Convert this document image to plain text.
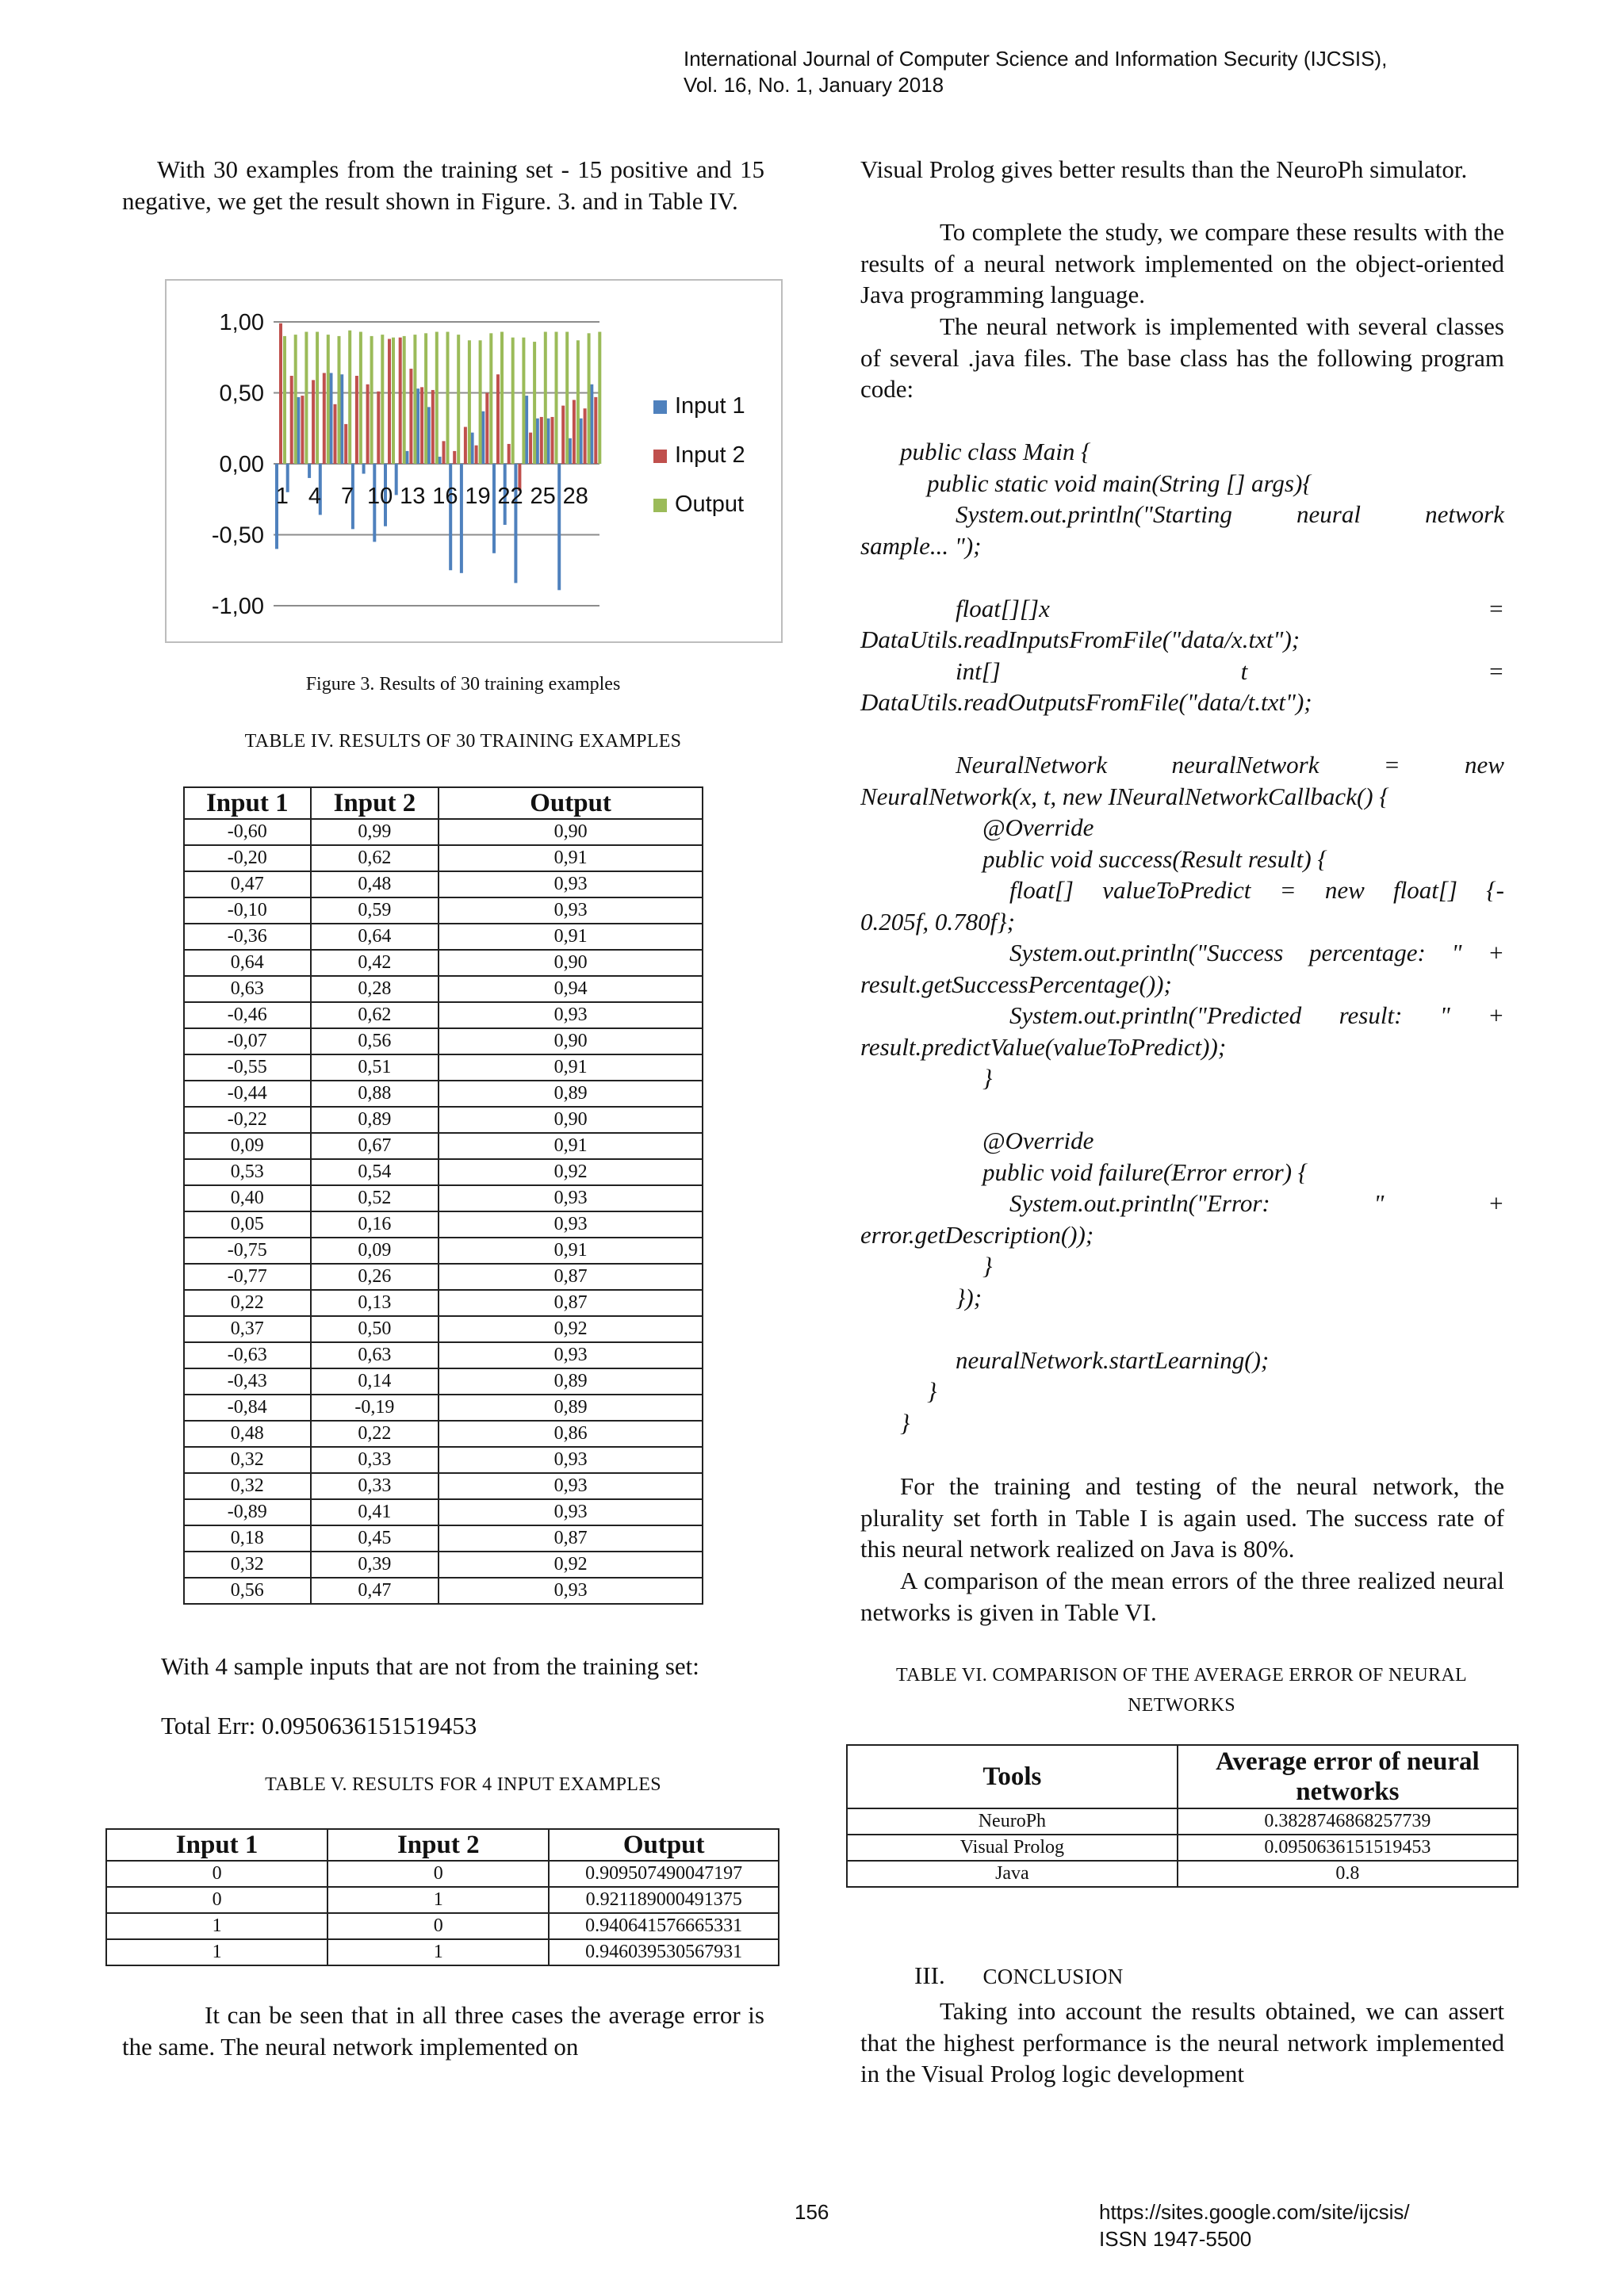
International Journal of Computer Science and Information Security (IJCSIS),
Vol. 16, No. 1, January 2018
With 30 examples from the training set - 15 positive and 15 negative, we get the result shown in Figure. 3. and in Table IV.
1,00
0,50
0,00
-0,50
-1,00
1 4 7 10 13 16 19 22 25 28
Input 1
Input 2
Output
Figure 3. Results of 30 training examples
TABLE IV. RESULTS OF 30 TRAINING EXAMPLES
Input 1	Input 2	Output
-0,60	0,99	0,90
-0,20	0,62	0,91
0,47	0,48	0,93
-0,10	0,59	0,93
-0,36	0,64	0,91
0,64	0,42	0,90
0,63	0,28	0,94
-0,46	0,62	0,93
-0,07	0,56	0,90
-0,55	0,51	0,91
-0,44	0,88	0,89
-0,22	0,89	0,90
0,09	0,67	0,91
0,53	0,54	0,92
0,40	0,52	0,93
0,05	0,16	0,93
-0,75	0,09	0,91
-0,77	0,26	0,87
0,22	0,13	0,87
0,37	0,50	0,92
-0,63	0,63	0,93
-0,43	0,14	0,89
-0,84	-0,19	0,89
0,48	0,22	0,86
0,32	0,33	0,93
0,32	0,33	0,93
-0,89	0,41	0,93
0,18	0,45	0,87
0,32	0,39	0,92
0,56	0,47	0,93
With 4 sample inputs that are not from the training set:
Total Err: 0.0950636151519453
TABLE V. RESULTS FOR 4 INPUT EXAMPLES
Input 1	Input 2	Output
0	0	0.909507490047197
0	1	0.921189000491375
1	0	0.940641576665331
1	1	0.946039530567931
It can be seen that in all three cases the average error is the same. The neural network implemented on
Visual Prolog gives better results than the NeuroPh simulator.
To complete the study, we compare these results with the results of a neural network implemented on the object-oriented Java programming language.
The neural network is implemented with several classes of several .java files. The base class has the following program code:

public class Main {

public static void main(String [] args){

System.out.println("Starting neural network

sample... ");

float[][]x =

DataUtils.readInputsFromFile("data/x.txt");

int[] t =

DataUtils.readOutputsFromFile("data/t.txt");

NeuralNetwork neuralNetwork = new

NeuralNetwork(x, t, new INeuralNetworkCallback() {

@Override

public void success(Result result) {

float[] valueToPredict = new float[] {-

0.205f, 0.780f};

System.out.println("Success percentage: " +

result.getSuccessPercentage());

System.out.println("Predicted result: " +

result.predictValue(valueToPredict));

}

@Override

public void failure(Error error) {

System.out.println("Error: " +

error.getDescription());

}

});

neuralNetwork.startLearning();

}

}

For the training and testing of the neural network, the plurality set forth in Table I is again used. The success rate of this neural network realized on Java is 80%.
A comparison of the mean errors of the three realized neural networks is given in Table VI.
TABLE VI. COMPARISON OF THE AVERAGE ERROR OF NEURAL
NETWORKS
Tools	Average error of neural networks
NeuroPh	0.3828746868257739
Visual Prolog	0.0950636151519453
Java	0.8
III. CONCLUSION
Taking into account the results obtained, we can assert that the highest performance is the neural network implemented in the Visual Prolog logic development
156	https://sites.google.com/site/ijcsis/
ISSN 1947-5500
